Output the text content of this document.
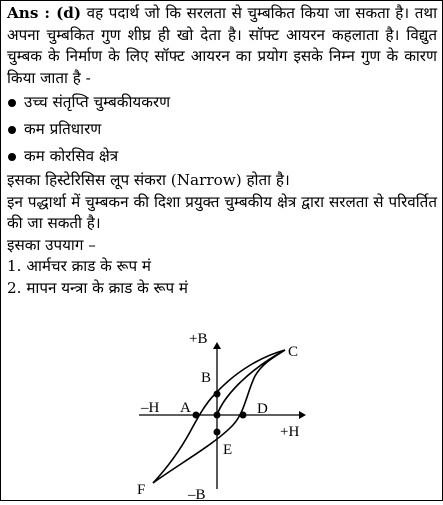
Ans : (d) वह पदार्थ जो कि सरलता से चुम्बकित किया जा सकता है। तथा अपना चुम्बकित गुण शीघ्र ही खो देता है। सॉफ्ट आयरन कहलाता है। विद्युत चुम्बक के निर्माण के लिए सॉफ्ट आयरन का प्रयोग इसके निम्न गुण के कारण किया जाता है -

उच्च संतृप्ति चुम्बकीयकरण

कम प्रतिधारण

कम कोरसिव क्षेत्र

इसका हिस्टेरिसिस लूप संकरा (Narrow) होता है।

इन पद्धार्था में चुम्बकन की दिशा प्रयुक्त चुम्बकीय क्षेत्र द्वारा सरलता से परिवर्तित की जा सकती है।

इसका उपयाग –

1. आर्मचर क्राड के रूप मं

2. मापन यन्त्रा के क्राड के रूप मं

+B
–B
+H
–H A
B
C
D
E
F
